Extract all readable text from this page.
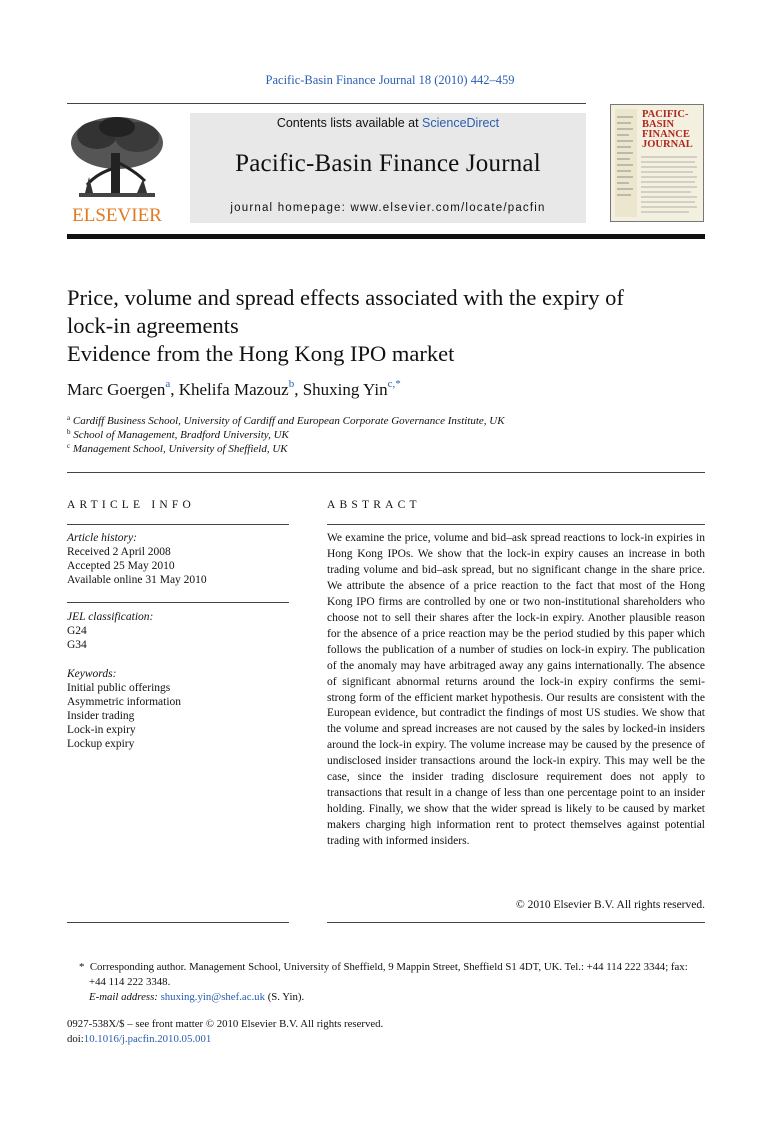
Pacific-Basin Finance Journal 18 (2010) 442–459
ELSEVIER
Contents lists available at ScienceDirect
Pacific-Basin Finance Journal
journal homepage: www.elsevier.com/locate/pacfin
PACIFIC-
BASIN
FINANCE
JOURNAL
Price, volume and spread effects associated with the expiry of
lock-in agreements
Evidence from the Hong Kong IPO market
Marc Goergen$^a$, Khelifa Mazouz$^b$, Shuxing Yin$^{c,*}$
$^a$ Cardiff Business School, University of Cardiff and European Corporate Governance Institute, UK
$^b$ School of Management, Bradford University, UK
$^c$ Management School, University of Sheffield, UK
ARTICLE INFO
Article history:
Received 2 April 2008
Accepted 25 May 2010
Available online 31 May 2010
JEL classification:
G24
G34
Keywords:
Initial public offerings
Asymmetric information
Insider trading
Lock-in expiry
Lockup expiry
ABSTRACT
We examine the price, volume and bid–ask spread reactions to lock-in expiries in Hong Kong IPOs. We show that the lock-in expiry causes an increase in both trading volume and bid–ask spread, but no significant change in the share price. We attribute the absence of a price reaction to the fact that most of the Hong Kong IPO firms are controlled by one or two non-institutional shareholders who choose not to sell their shares after the lock-in expiry. Another plausible reason for the absence of a price reaction may be the period studied by this paper which follows the publication of a number of studies on lock-in expiry. The publication of the anomaly may have arbitraged away any gains internationally. The absence of significant abnormal returns around the lock-in expiry confirms the semi-strong form of the efficient market hypothesis. Our results are consistent with the European evidence, but contradict the findings of most US studies. We show that the volume and spread increases are not caused by the sales by locked-in insiders around the lock-in expiry. The volume increase may be caused by the presence of undisclosed insider transactions around the lock-in expiry. This may well be the case, since the insider trading disclosure requirement does not apply to transactions that result in a change of less than one percentage point to an insider holding. Finally, we show that the wider spread is likely to be caused by market makers charging high information rent to protect themselves against potential trading with informed insiders.
© 2010 Elsevier B.V. All rights reserved.
* Corresponding author. Management School, University of Sheffield, 9 Mappin Street, Sheffield S1 4DT, UK. Tel.: +44 114 222 3344; fax: +44 114 222 3348.
E-mail address: shuxing.yin@shef.ac.uk (S. Yin).
0927-538X/$ – see front matter © 2010 Elsevier B.V. All rights reserved.
doi:10.1016/j.pacfin.2010.05.001
